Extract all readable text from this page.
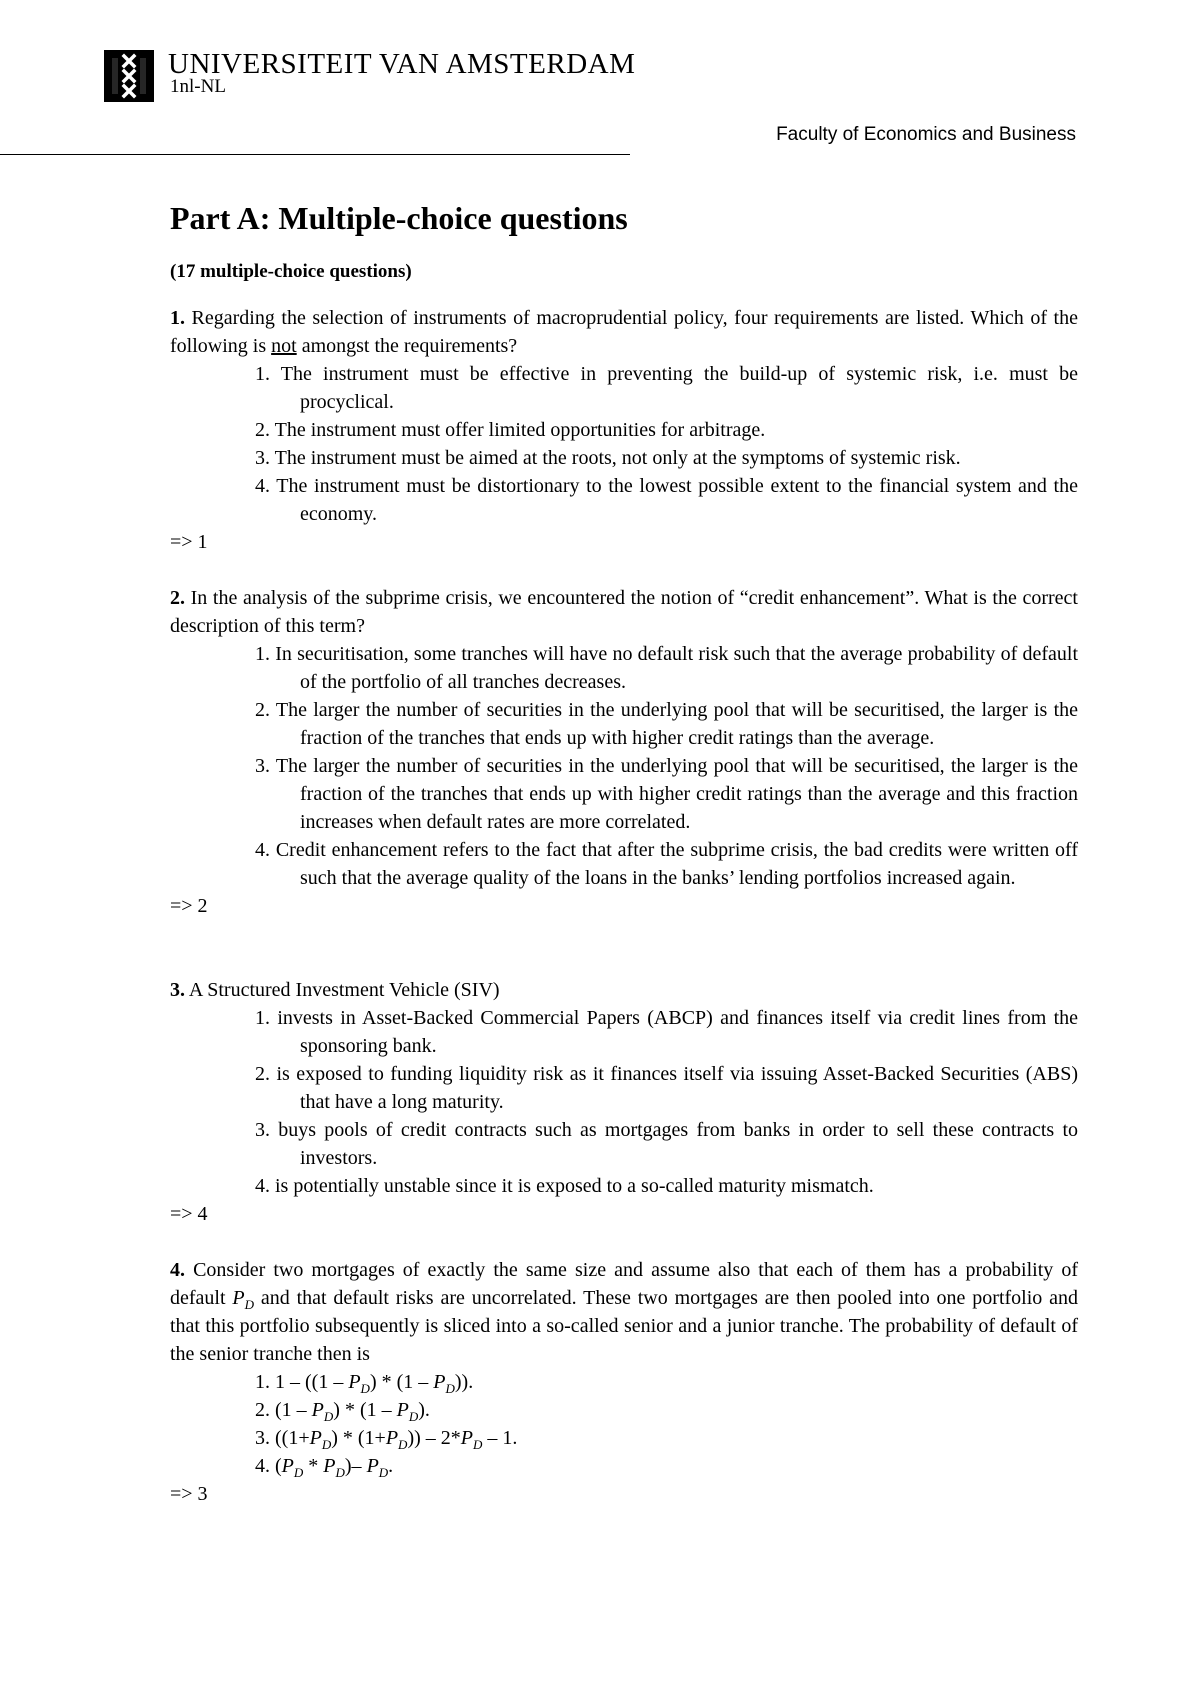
UNIVERSITEIT VAN AMSTERDAM
1nl-NL
Faculty of Economics and Business
Part A: Multiple-choice questions

(17 multiple-choice questions)

1. Regarding the selection of instruments of macroprudential policy, four requirements are listed. Which of the following is not amongst the requirements?

1. The instrument must be effective in preventing the build-up of systemic risk, i.e. must be procyclical.
2. The instrument must offer limited opportunities for arbitrage.
3. The instrument must be aimed at the roots, not only at the symptoms of systemic risk.
4. The instrument must be distortionary to the lowest possible extent to the financial system and the economy.

=> 1

2. In the analysis of the subprime crisis, we encountered the notion of “credit enhancement”. What is the correct description of this term?

1. In securitisation, some tranches will have no default risk such that the average probability of default of the portfolio of all tranches decreases.
2. The larger the number of securities in the underlying pool that will be securitised, the larger is the fraction of the tranches that ends up with higher credit ratings than the average.
3. The larger the number of securities in the underlying pool that will be securitised, the larger is the fraction of the tranches that ends up with higher credit ratings than the average and this fraction increases when default rates are more correlated.
4. Credit enhancement refers to the fact that after the subprime crisis, the bad credits were written off such that the average quality of the loans in the banks’ lending portfolios increased again.

=> 2

3. A Structured Investment Vehicle (SIV)

1. invests in Asset-Backed Commercial Papers (ABCP) and finances itself via credit lines from the sponsoring bank.
2. is exposed to funding liquidity risk as it finances itself via issuing Asset-Backed Securities (ABS) that have a long maturity.
3. buys pools of credit contracts such as mortgages from banks in order to sell these contracts to investors.
4. is potentially unstable since it is exposed to a so-called maturity mismatch.

=> 4

4. Consider two mortgages of exactly the same size and assume also that each of them has a probability of default $P_D$ and that default risks are uncorrelated. These two mortgages are then pooled into one portfolio and that this portfolio subsequently is sliced into a so-called senior and a junior tranche. The probability of default of the senior tranche then is

1. $1 - ((1 - P_D) * (1 - P_D))$.
2. $(1 - P_D) * (1 - P_D)$.
3. $((1+P_D) * (1+P_D)) - 2*P_D - 1$.
4. $(P_D * P_D)-$ $P_D$.

=> 3
